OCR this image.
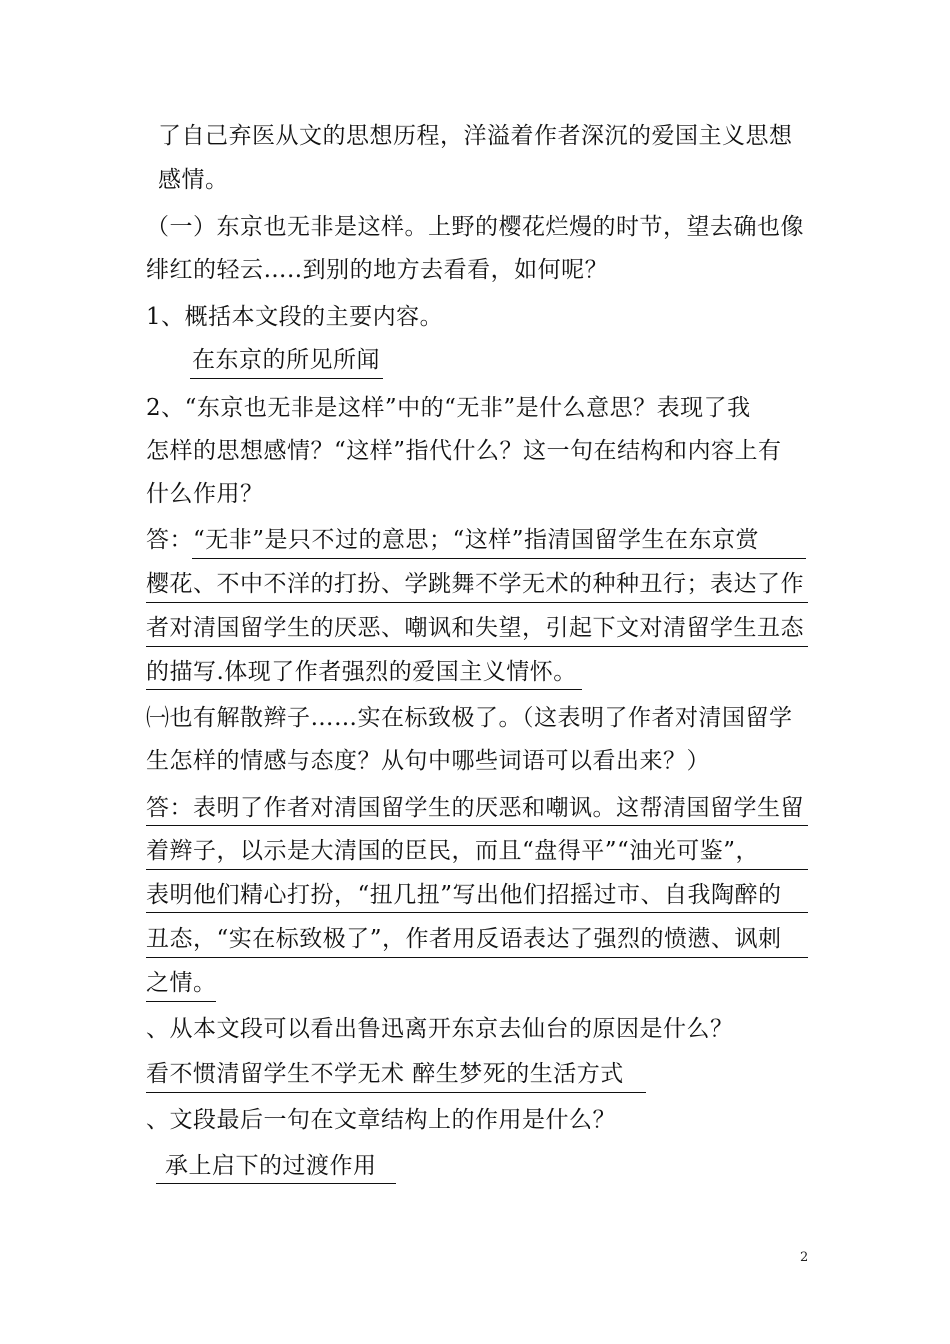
了自己弃医从文的思想历程，洋溢着作者深沉的爱国主义思想
感情。
（一）东京也无非是这样。上野的樱花烂熳的时节，望去确也像
绯红的轻云…..到别的地方去看看，如何呢？
1、概括本文段的主要内容。
在东京的所见所闻
2、“东京也无非是这样”中的“无非”是什么意思？表现了我
怎样的思想感情？“这样”指代什么？这一句在结构和内容上有
什么作用？
答：“无非”是只不过的意思；“这样”指清国留学生在东京赏
樱花、不中不洋的打扮、学跳舞不学无术的种种丑行；表达了作
者对清国留学生的厌恶、嘲讽和失望，引起下文对清留学生丑态
的描写.体现了作者强烈的爱国主义情怀。
㈠也有解散辫子……实在标致极了。（这表明了作者对清国留学
生怎样的情感与态度？从句中哪些词语可以看出来？）
答：表明了作者对清国留学生的厌恶和嘲讽。这帮清国留学生留
着辫子，以示是大清国的臣民，而且“盘得平”“油光可鉴”，
表明他们精心打扮，“扭几扭”写出他们招摇过市、自我陶醉的
丑态，“实在标致极了”，作者用反语表达了强烈的愤懑、讽刺
之情。
、从本文段可以看出鲁迅离开东京去仙台的原因是什么？
看不惯清留学生不学无术 醉生梦死的生活方式
、文段最后一句在文章结构上的作用是什么？
承上启下的过渡作用
2
